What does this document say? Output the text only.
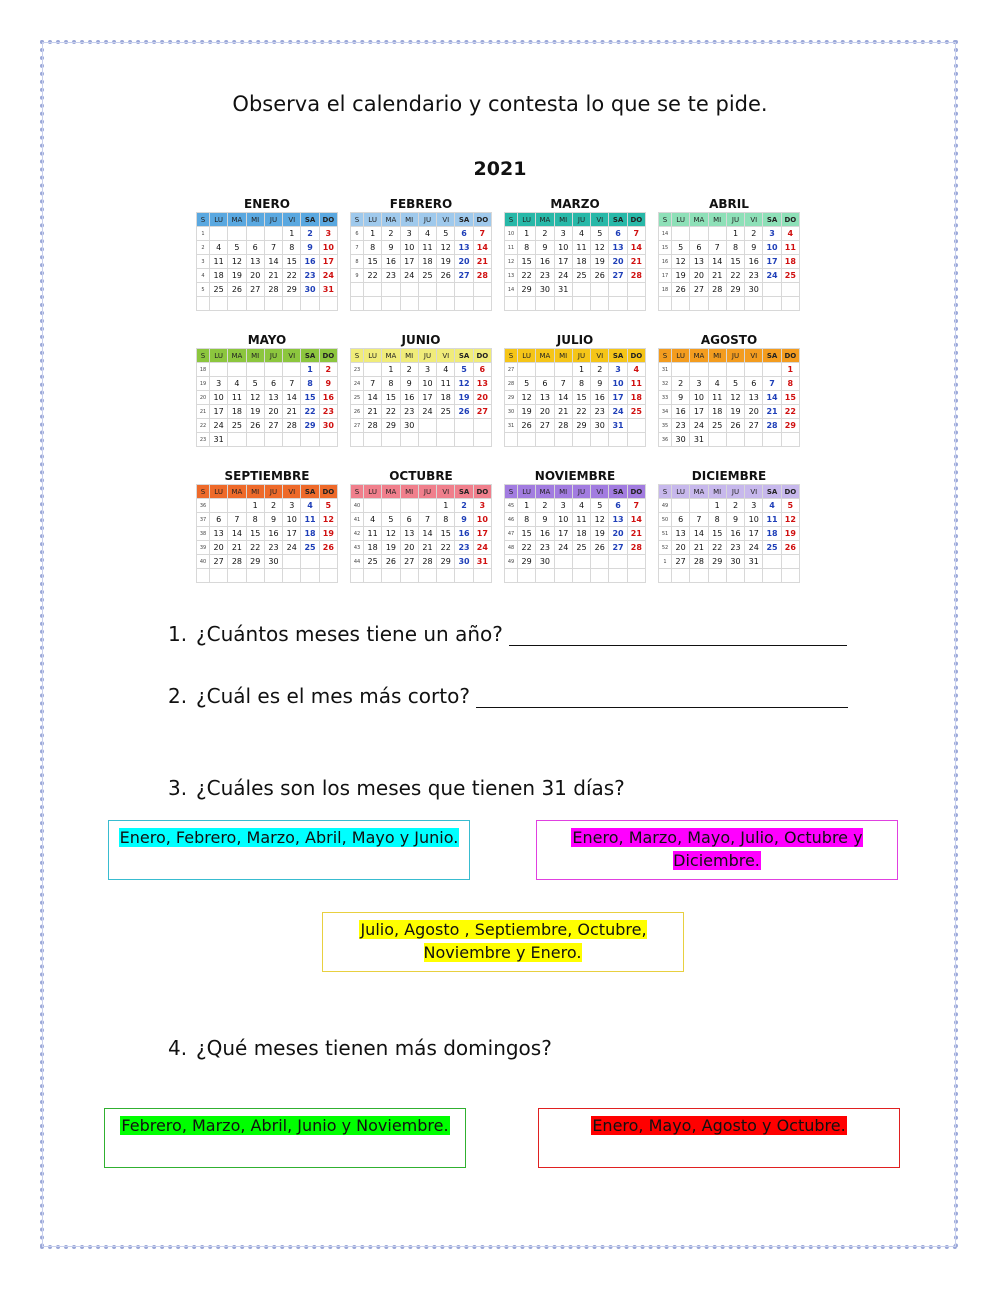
Observa el calendario y contesta lo que se te pide.
2021
ENERO
S	LU	MA	MI	JU	VI	SA	DO
1					1	2	3
2	4	5	6	7	8	9	10
3	11	12	13	14	15	16	17
4	18	19	20	21	22	23	24
5	25	26	27	28	29	30	31

FEBRERO
S	LU	MA	MI	JU	VI	SA	DO
6	1	2	3	4	5	6	7
7	8	9	10	11	12	13	14
8	15	16	17	18	19	20	21
9	22	23	24	25	26	27	28

MARZO
S	LU	MA	MI	JU	VI	SA	DO
10	1	2	3	4	5	6	7
11	8	9	10	11	12	13	14
12	15	16	17	18	19	20	21
13	22	23	24	25	26	27	28
14	29	30	31				

ABRIL
S	LU	MA	MI	JU	VI	SA	DO
14				1	2	3	4
15	5	6	7	8	9	10	11
16	12	13	14	15	16	17	18
17	19	20	21	22	23	24	25
18	26	27	28	29	30		

MAYO
S	LU	MA	MI	JU	VI	SA	DO
18						1	2
19	3	4	5	6	7	8	9
20	10	11	12	13	14	15	16
21	17	18	19	20	21	22	23
22	24	25	26	27	28	29	30
23	31						
JUNIO
S	LU	MA	MI	JU	VI	SA	DO
23		1	2	3	4	5	6
24	7	8	9	10	11	12	13
25	14	15	16	17	18	19	20
26	21	22	23	24	25	26	27
27	28	29	30				

JULIO
S	LU	MA	MI	JU	VI	SA	DO
27				1	2	3	4
28	5	6	7	8	9	10	11
29	12	13	14	15	16	17	18
30	19	20	21	22	23	24	25
31	26	27	28	29	30	31	

AGOSTO
S	LU	MA	MI	JU	VI	SA	DO
31							1
32	2	3	4	5	6	7	8
33	9	10	11	12	13	14	15
34	16	17	18	19	20	21	22
35	23	24	25	26	27	28	29
36	30	31					
SEPTIEMBRE
S	LU	MA	MI	JU	VI	SA	DO
36			1	2	3	4	5
37	6	7	8	9	10	11	12
38	13	14	15	16	17	18	19
39	20	21	22	23	24	25	26
40	27	28	29	30			

OCTUBRE
S	LU	MA	MI	JU	VI	SA	DO
40					1	2	3
41	4	5	6	7	8	9	10
42	11	12	13	14	15	16	17
43	18	19	20	21	22	23	24
44	25	26	27	28	29	30	31

NOVIEMBRE
S	LU	MA	MI	JU	VI	SA	DO
45	1	2	3	4	5	6	7
46	8	9	10	11	12	13	14
47	15	16	17	18	19	20	21
48	22	23	24	25	26	27	28
49	29	30					

DICIEMBRE
S	LU	MA	MI	JU	VI	SA	DO
49			1	2	3	4	5
50	6	7	8	9	10	11	12
51	13	14	15	16	17	18	19
52	20	21	22	23	24	25	26
1	27	28	29	30	31		

1. ¿Cuántos meses tiene un año?
2. ¿Cuál es el mes más corto?
3. ¿Cuáles son los meses que tienen 31 días?
Enero, Febrero, Marzo, Abril, Mayo y Junio.	Enero, Marzo, Mayo, Julio, Octubre y Diciembre.
Julio, Agosto , Septiembre, Octubre, Noviembre y Enero.
4. ¿Qué meses tienen más domingos?
Febrero, Marzo, Abril, Junio y Noviembre.	Enero, Mayo, Agosto y Octubre.
